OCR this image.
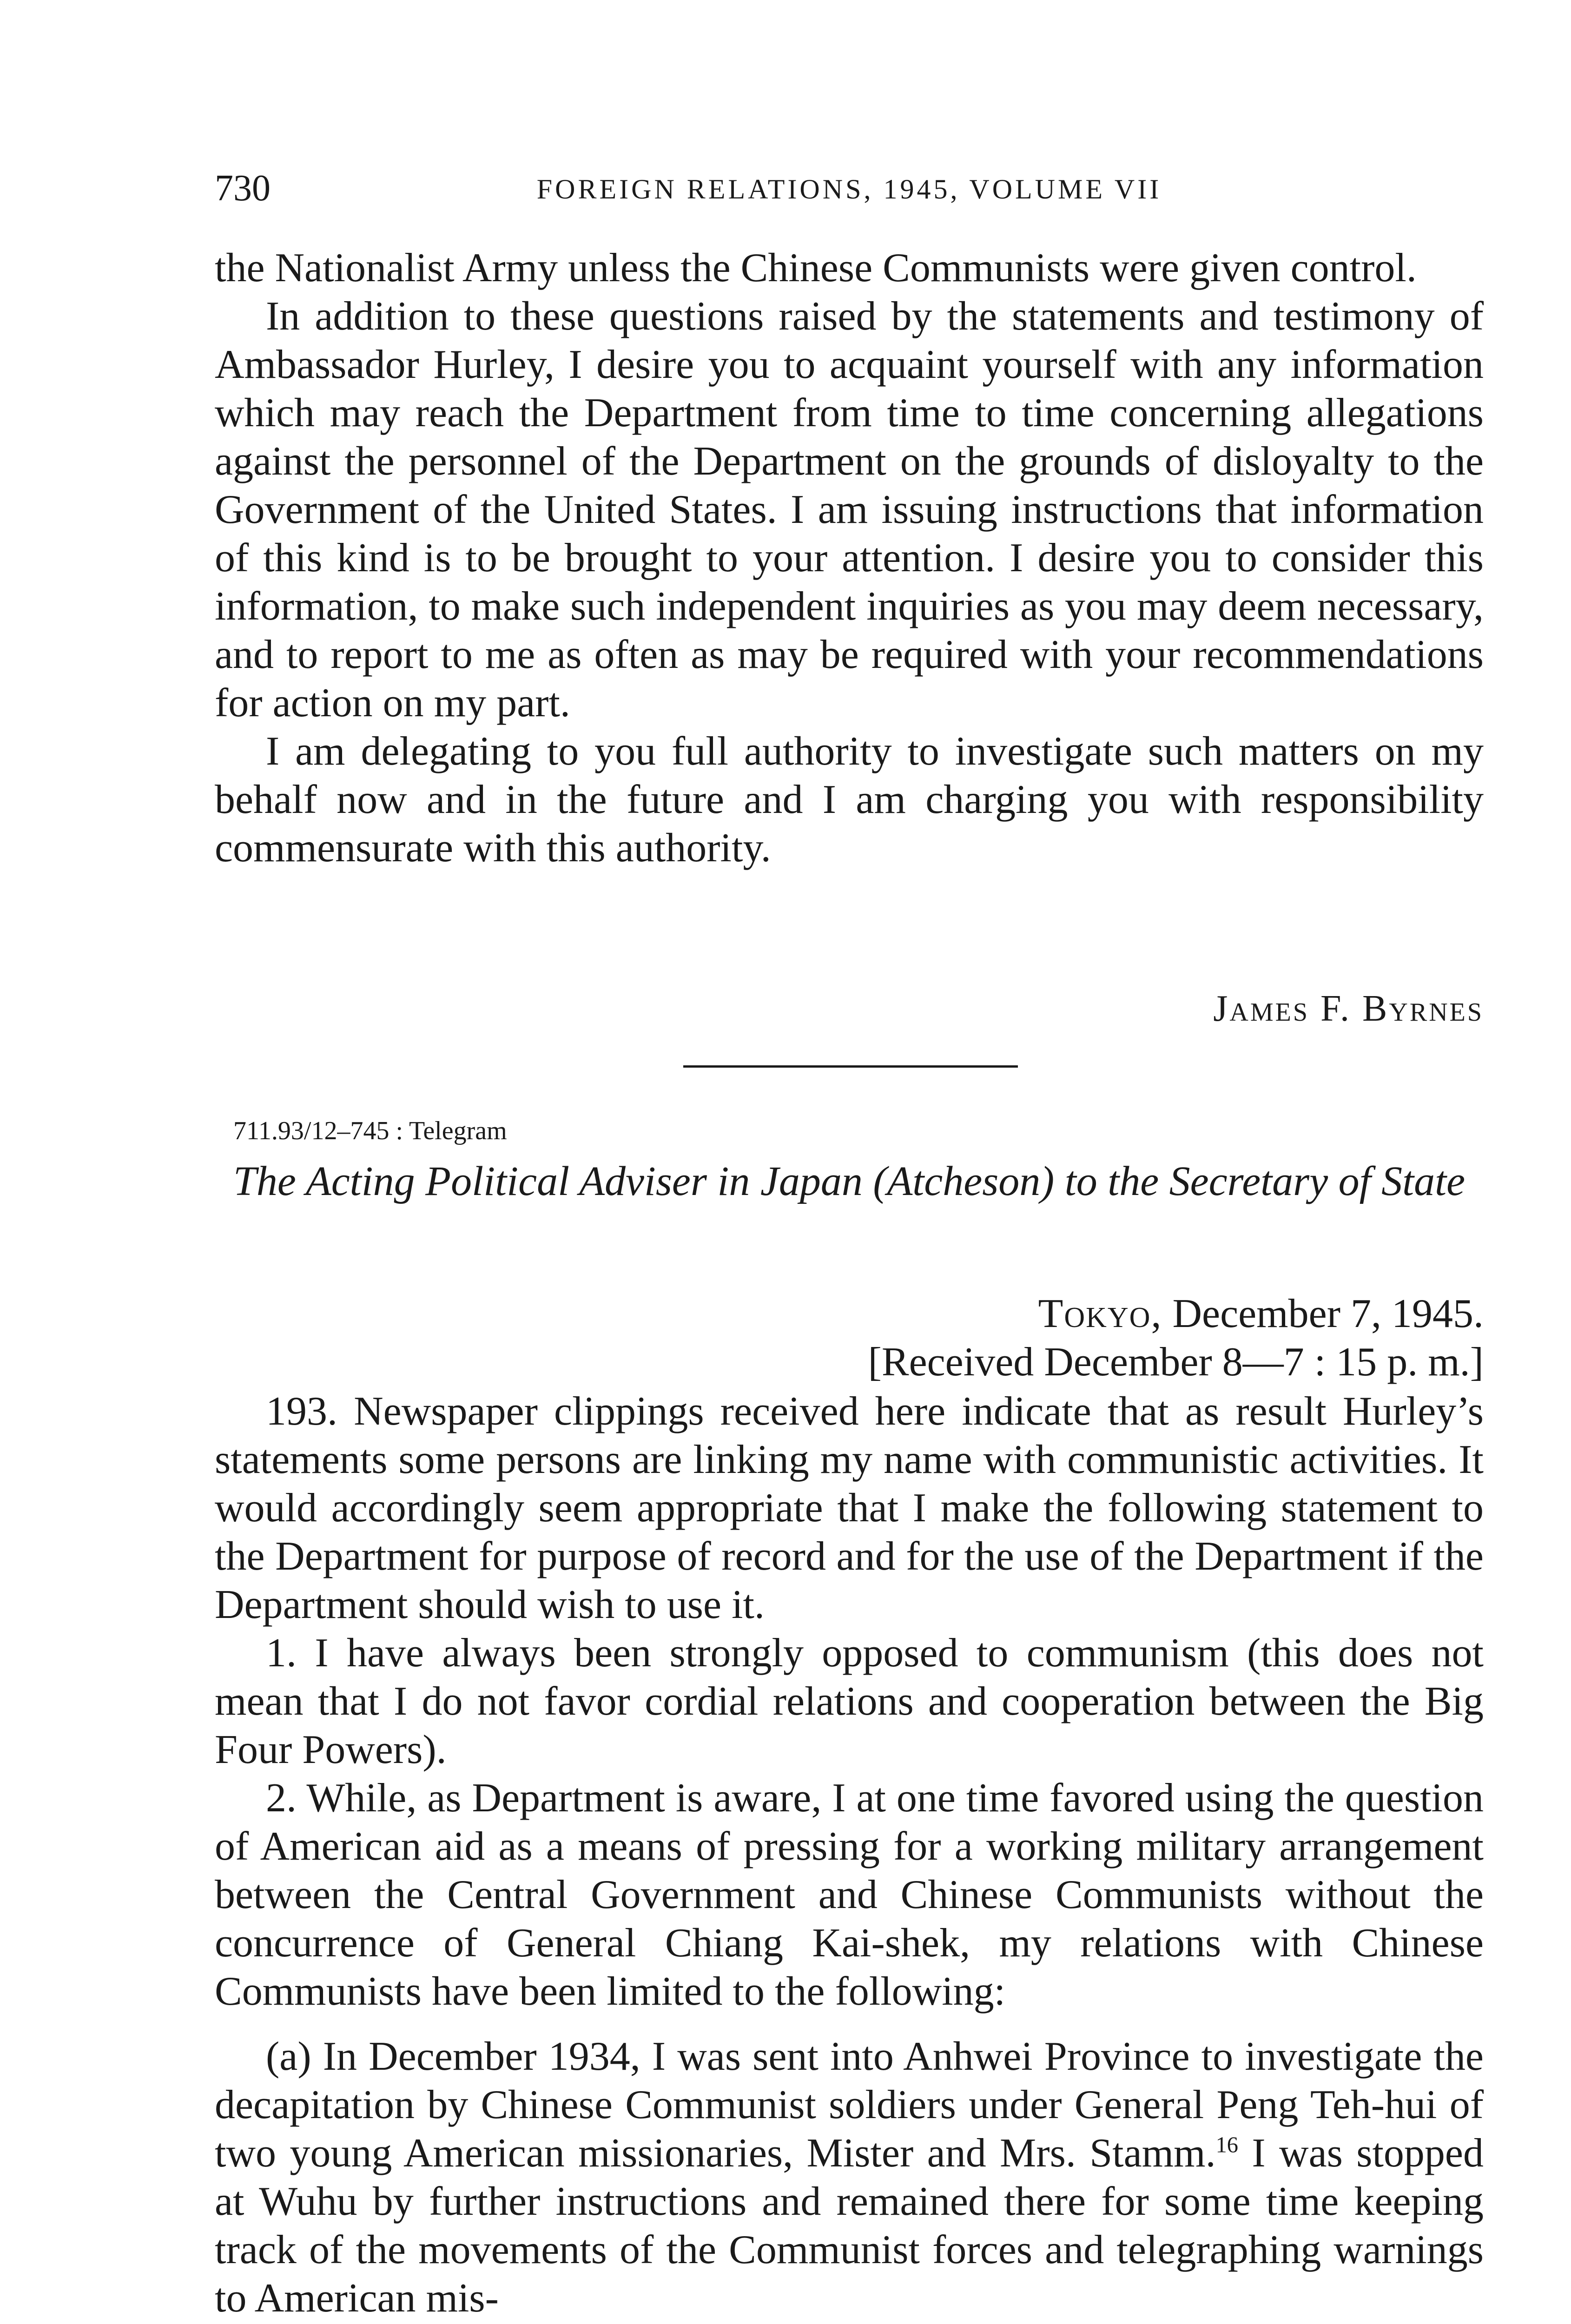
730	FOREIGN RELATIONS, 1945, VOLUME VII

the Nationalist Army unless the Chinese Communists were given control.

In addition to these questions raised by the statements and testimony of Ambassador Hurley, I desire you to acquaint yourself with any information which may reach the Department from time to time concerning allegations against the personnel of the Department on the grounds of disloyalty to the Government of the United States. I am issuing instructions that information of this kind is to be brought to your attention. I desire you to consider this information, to make such independent inquiries as you may deem necessary, and to report to me as often as may be required with your recommendations for action on my part.

I am delegating to you full authority to investigate such matters on my behalf now and in the future and I am charging you with responsibility commensurate with this authority.

James F. Byrnes
711.93/12–745 : Telegram
The Acting Political Adviser in Japan (Atcheson) to the Secretary of State
Tokyo, December 7, 1945.
[Received December 8—7 : 15 p. m.]

193. Newspaper clippings received here indicate that as result Hurley’s statements some persons are linking my name with communistic activities. It would accordingly seem appropriate that I make the following statement to the Department for purpose of record and for the use of the Department if the Department should wish to use it.

1. I have always been strongly opposed to communism (this does not mean that I do not favor cordial relations and cooperation between the Big Four Powers).

2. While, as Department is aware, I at one time favored using the question of American aid as a means of pressing for a working military arrangement between the Central Government and Chinese Communists without the concurrence of General Chiang Kai-shek, my relations with Chinese Communists have been limited to the following:

(a) In December 1934, I was sent into Anhwei Province to investigate the decapitation by Chinese Communist soldiers under General Peng Teh-hui of two young American missionaries, Mister and Mrs. Stamm.$^{16}$ I was stopped at Wuhu by further instructions and remained there for some time keeping track of the movements of the Communist forces and telegraphing warnings to American mis-
